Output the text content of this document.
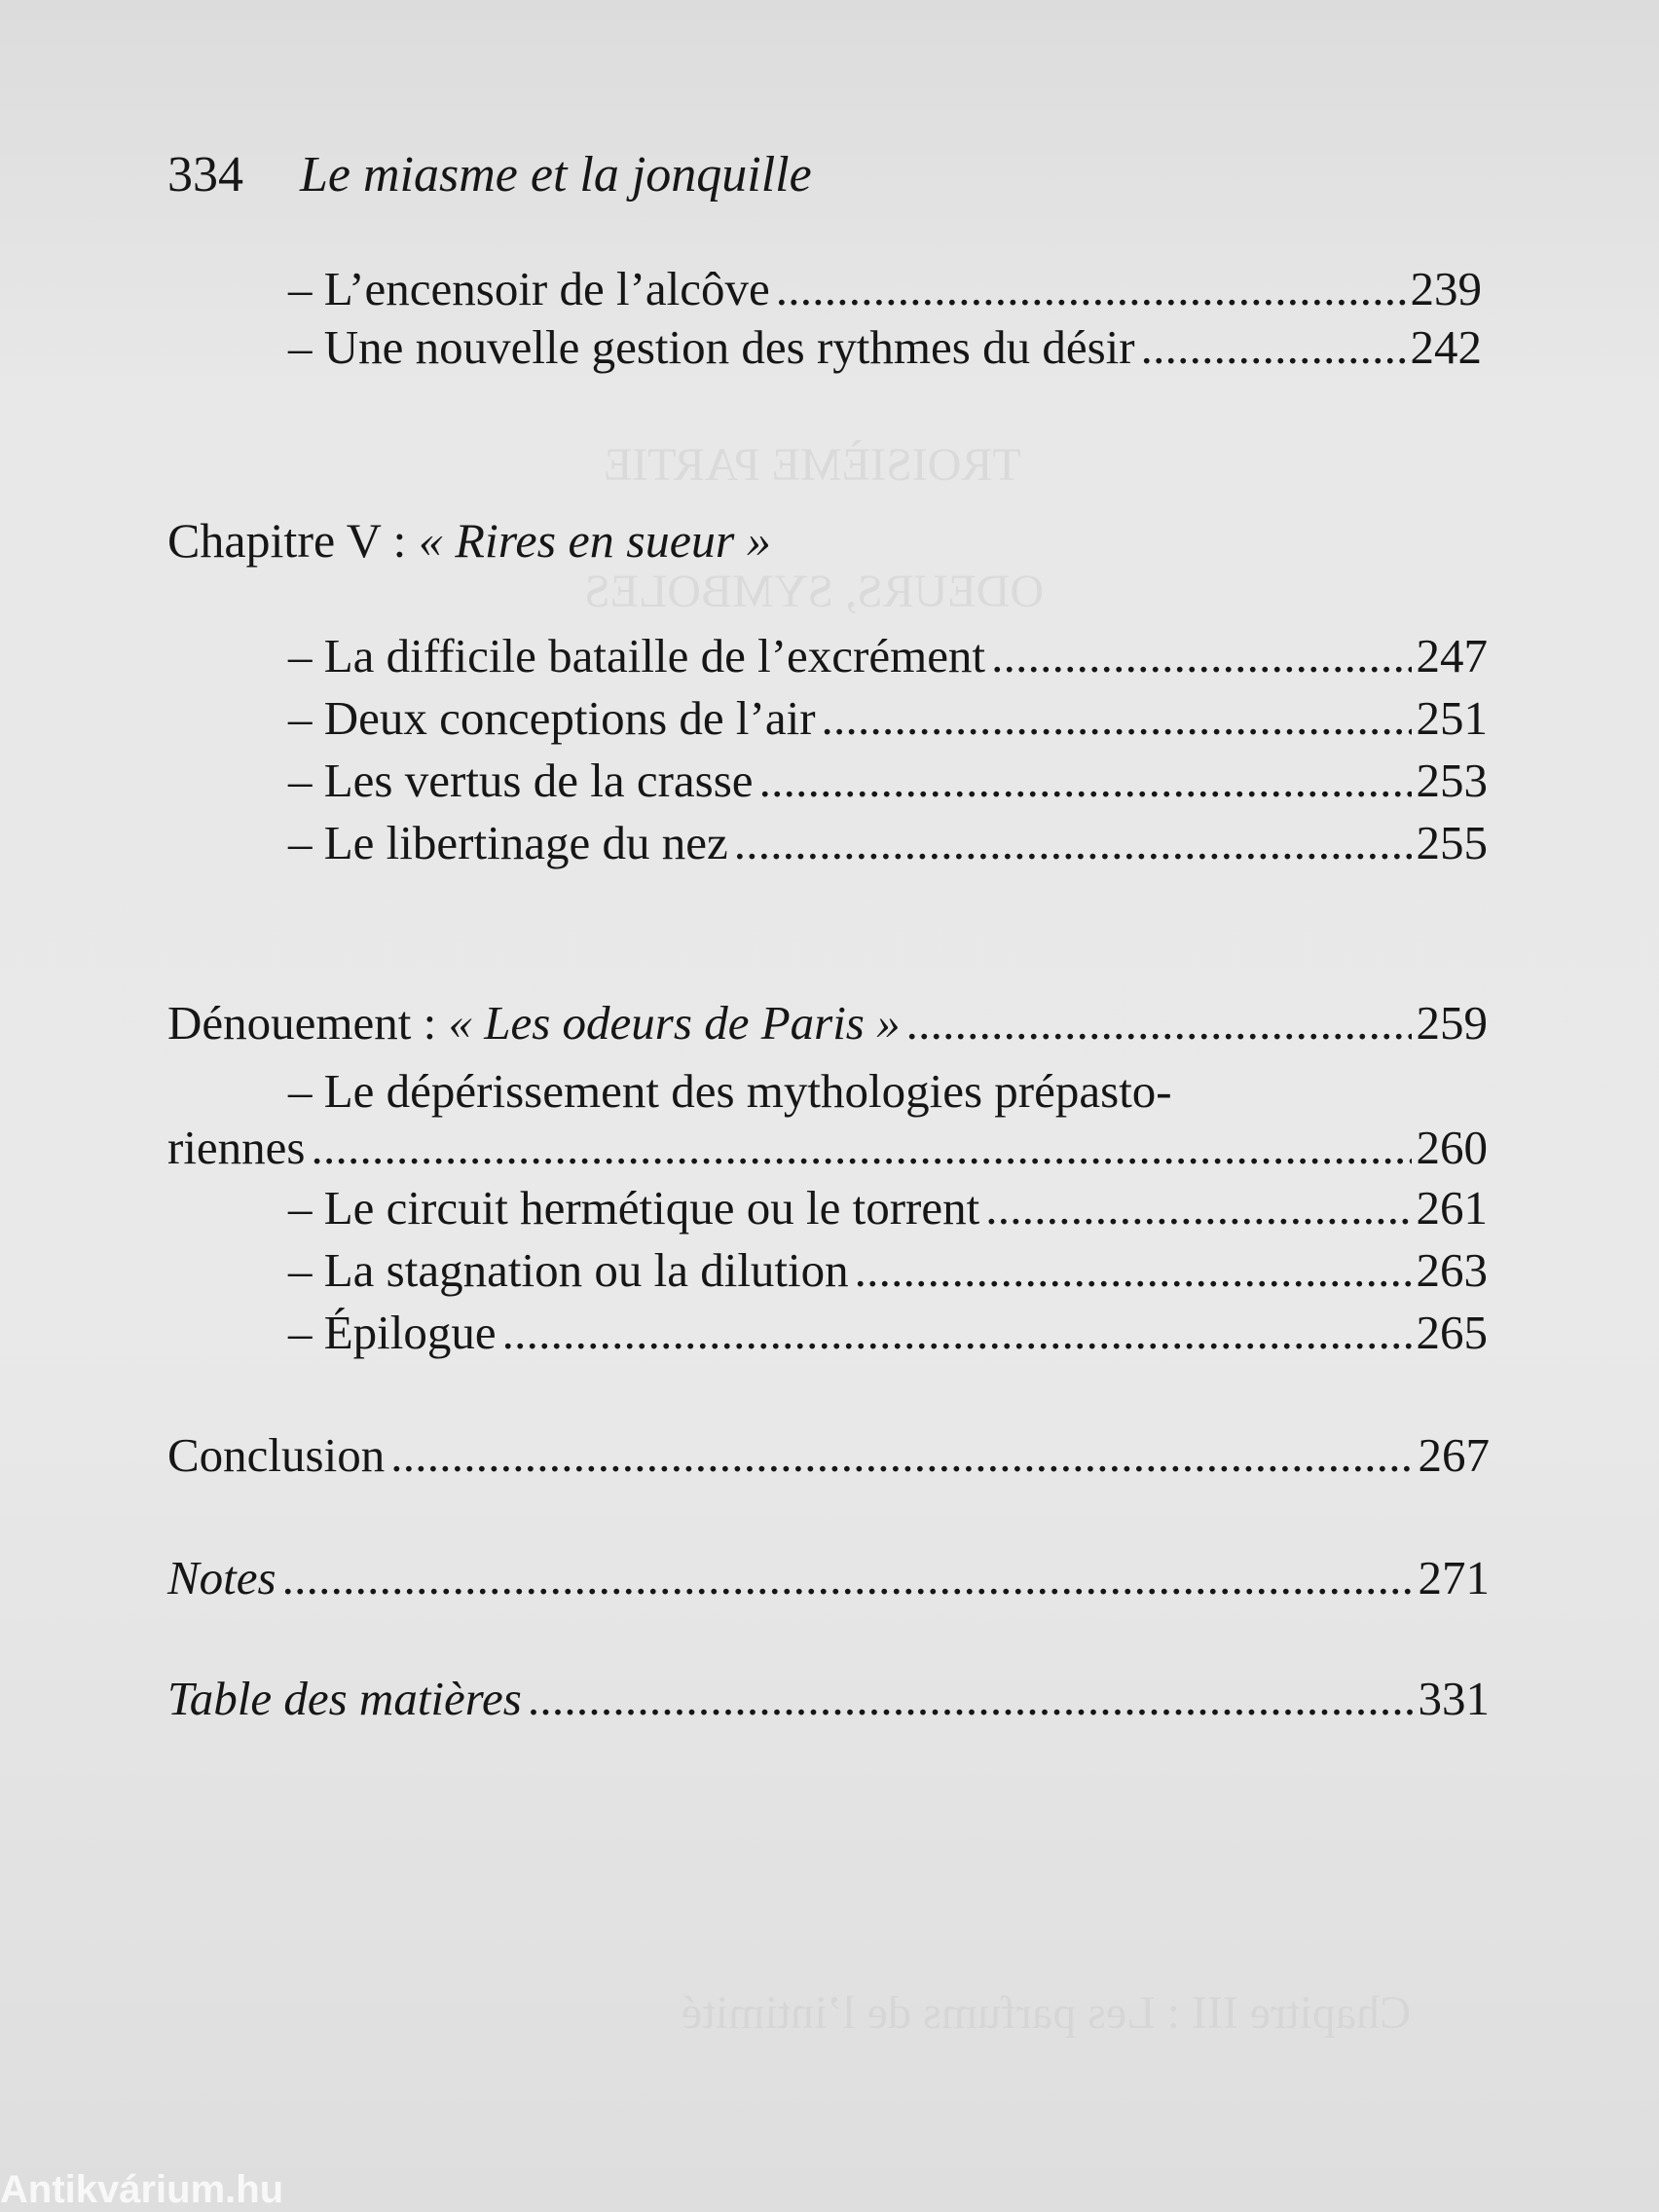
TROISIÈME PARTIE
ODEURS, SYMBOLES
Chapitre III : Les parfums de l’intimité
334 Le miasme et la jonquille
– L’encensoir de l’alcôve . . .	239
– Une nouvelle gestion des rythmes du désir . . .	242
Chapitre V : « Rires en sueur »
– La difficile bataille de l’excrément . . .	247
– Deux conceptions de l’air . . .	251
– Les vertus de la crasse . . .	253
– Le libertinage du nez . . .	255
Dénouement : « Les odeurs de Paris » . . .	259
– Le dépérissement des mythologies prépasto-
riennes . . .	260
– Le circuit hermétique ou le torrent . . .	261
– La stagnation ou la dilution . . .	263
– Épilogue . . .	265
Conclusion . . .	267
Notes . . .	271
Table des matières . . .	331
Antikvárium.hu
